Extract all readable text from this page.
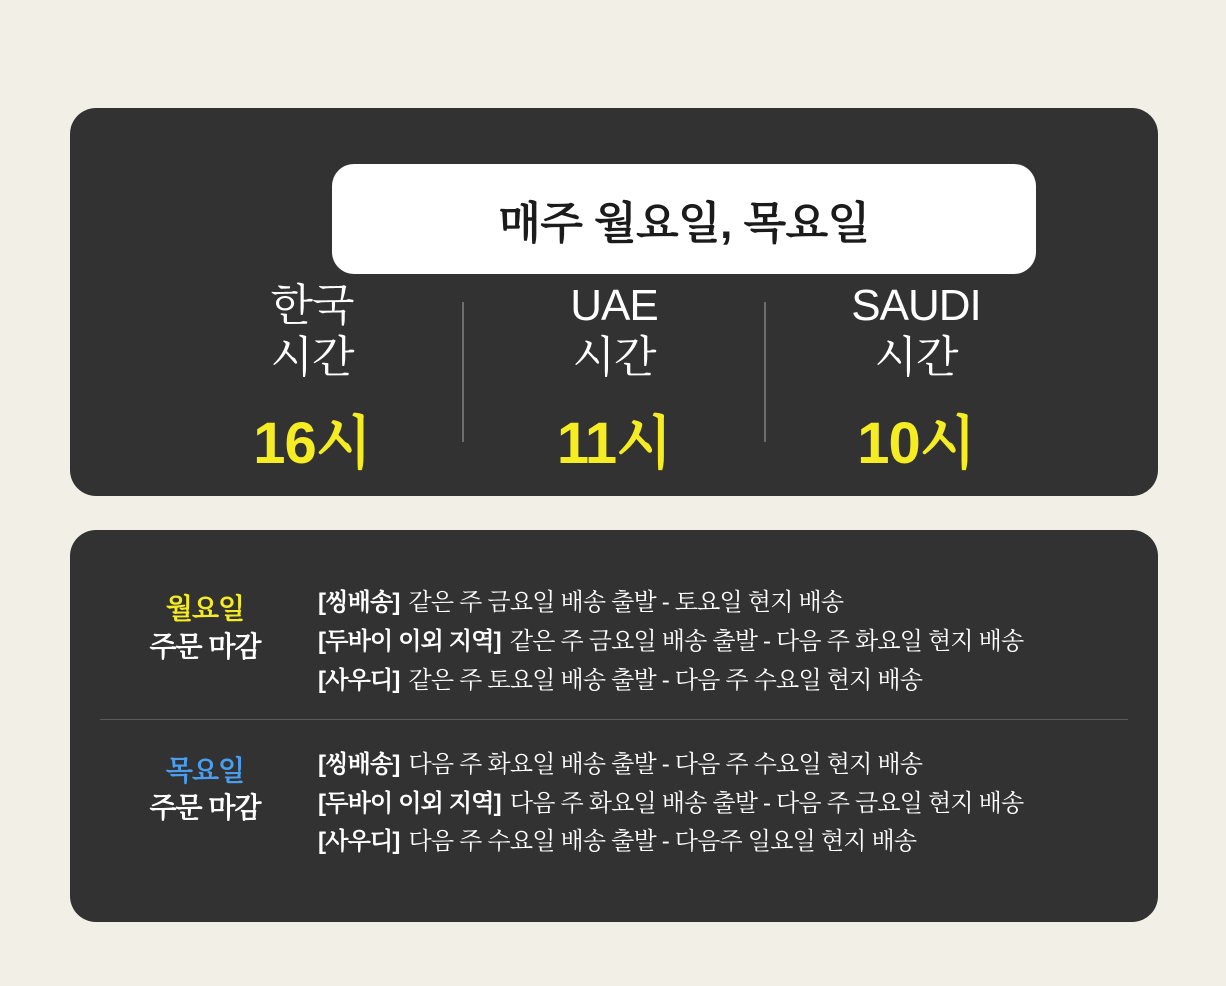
매주 월요일, 목요일
한국
시간
16시
UAE
시간
11시
SAUDI
시간
10시
월요일
주문 마감
[씽배송] 같은 주 금요일 배송 출발 - 토요일 현지 배송
[두바이 이외 지역] 같은 주 금요일 배송 출발 - 다음 주 화요일 현지 배송
[사우디] 같은 주 토요일 배송 출발 - 다음 주 수요일 현지 배송
목요일
주문 마감
[씽배송] 다음 주 화요일 배송 출발 - 다음 주 수요일 현지 배송
[두바이 이외 지역] 다음 주 화요일 배송 출발 - 다음 주 금요일 현지 배송
[사우디] 다음 주 수요일 배송 출발 - 다음주 일요일 현지 배송
